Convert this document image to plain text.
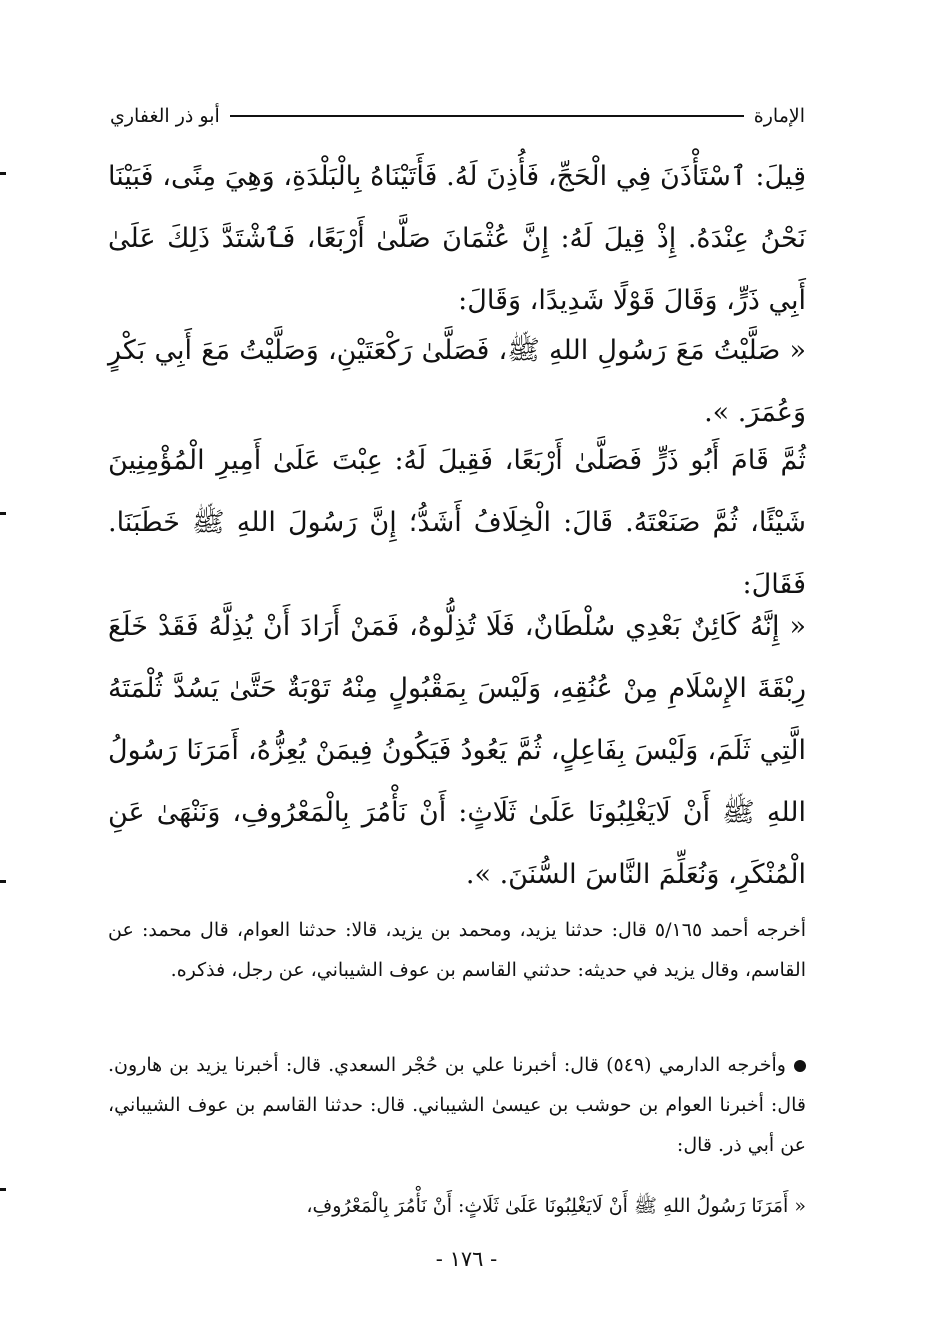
الإمارة
أبو ذر الغفاري

قِيلَ: ٱسْتَأْذَنَ فِي الْحَجِّ، فَأُذِنَ لَهُ. فَأَتَيْنَاهُ بِالْبَلْدَةِ، وَهِيَ مِنًى، فَبَيْنَا نَحْنُ عِنْدَهُ. إِذْ قِيلَ لَهُ: إِنَّ عُثْمَانَ صَلَّىٰ أَرْبَعًا، فَٱشْتَدَّ ذَلِكَ عَلَىٰ أَبِي ذَرٍّ، وَقَالَ قَوْلًا شَدِيدًا، وَقَالَ:

« صَلَّيْتُ مَعَ رَسُولِ اللهِ ﷺ، فَصَلَّىٰ رَكْعَتَيْنِ، وَصَلَّيْتُ مَعَ أَبِي بَكْرٍ وَعُمَرَ. ».

ثُمَّ قَامَ أَبُو ذَرٍّ فَصَلَّىٰ أَرْبَعًا، فَقِيلَ لَهُ: عِبْتَ عَلَىٰ أَمِيرِ الْمُؤْمِنِينَ شَيْئًا، ثُمَّ صَنَعْتَهُ. قَالَ: الْخِلَافُ أَشَدُّ؛ إِنَّ رَسُولَ اللهِ ﷺ خَطَبَنَا. فَقَالَ:

« إِنَّهُ كَائِنٌ بَعْدِي سُلْطَانٌ، فَلَا تُذِلُّوهُ، فَمَنْ أَرَادَ أَنْ يُذِلَّهُ فَقَدْ خَلَعَ رِبْقَةَ الإِسْلَامِ مِنْ عُنُقِهِ، وَلَيْسَ بِمَقْبُولٍ مِنْهُ تَوْبَةٌ حَتَّىٰ يَسُدَّ ثُلْمَتَهُ الَّتِي ثَلَمَ، وَلَيْسَ بِفَاعِلٍ، ثُمَّ يَعُودُ فَيَكُونُ فِيمَنْ يُعِزُّهُ، أَمَرَنَا رَسُولُ اللهِ ﷺ أَنْ لَايَغْلِبُونَا عَلَىٰ ثَلَاثٍ: أَنْ نَأْمُرَ بِالْمَعْرُوفِ، وَنَنْهَىٰ عَنِ الْمُنْكَرِ، وَنُعَلِّمَ النَّاسَ السُّنَنَ. ».

أخرجه أحمد ٥/١٦٥ قال: حدثنا يزيد، ومحمد بن يزيد، قالا: حدثنا العوام، قال محمد: عن القاسم، وقال يزيد في حديثه: حدثني القاسم بن عوف الشيباني، عن رجل، فذكره.

وأخرجه الدارمي (٥٤٩) قال: أخبرنا علي بن حُجْر السعدي. قال: أخبرنا يزيد بن هارون. قال: أخبرنا العوام بن حوشب بن عيسىٰ الشيباني. قال: حدثنا القاسم بن عوف الشيباني، عن أبي ذر. قال:

« أَمَرَنَا رَسُولُ اللهِ ﷺ أَنْ لَايَغْلِبُونَا عَلَىٰ ثَلَاثٍ: أَنْ نَأْمُرَ بِالْمَعْرُوفِ،

- ١٧٦ -
